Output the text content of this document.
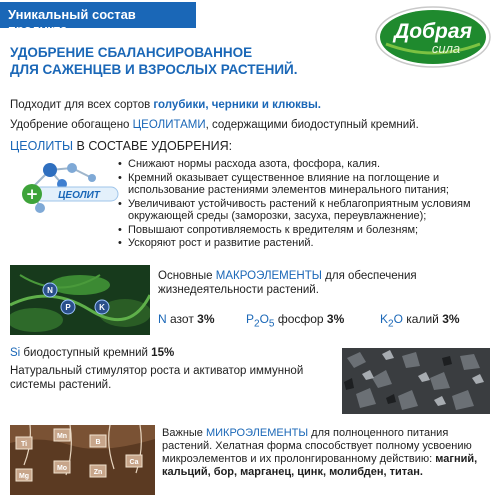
Уникальный состав продукта	Добрая
сила
УДОБРЕНИЕ СБАЛАНСИРОВАННОЕ
ДЛЯ САЖЕНЦЕВ И ВЗРОСЛЫХ РАСТЕНИЙ.
Подходит для всех сортов голубики, черники и клюквы.
Удобрение обогащено ЦЕОЛИТАМИ, содержащими биодоступный кремний.
ЦЕОЛИТЫ В СОСТАВЕ УДОБРЕНИЯ:
+ ЦЕОЛИТ
• Снижают нормы расхода азота, фосфора, калия.
• Кремний оказывает существенное влияние на поглощение и использование растениями элементов минерального питания;
• Увеличивают устойчивость растений к неблагоприятным условиям окружающей среды (заморозки, засуха, переувлажнение);
• Повышают сопротивляемость к вредителям и болезням;
• Ускоряют рост и развитие растений.
N
P	K
Основные МАКРОЭЛЕМЕНТЫ для обеспечения жизнедеятельности растений.
N азот 3%	$P_2O_5$ фосфор 3%	$K_2O$ калий 3%
Si биодоступный кремний 15%
Натуральный стимулятор роста и активатор иммунной системы растений.
Ti
Mn
B
Mg
Mo
Zn
Ca
Важные МИКРОЭЛЕМЕНТЫ для полноценного питания растений. Хелатная форма способствует полному усвоению микроэлементов и их пролонгированному действию: магний, кальций, бор, марганец, цинк, молибден, титан.
